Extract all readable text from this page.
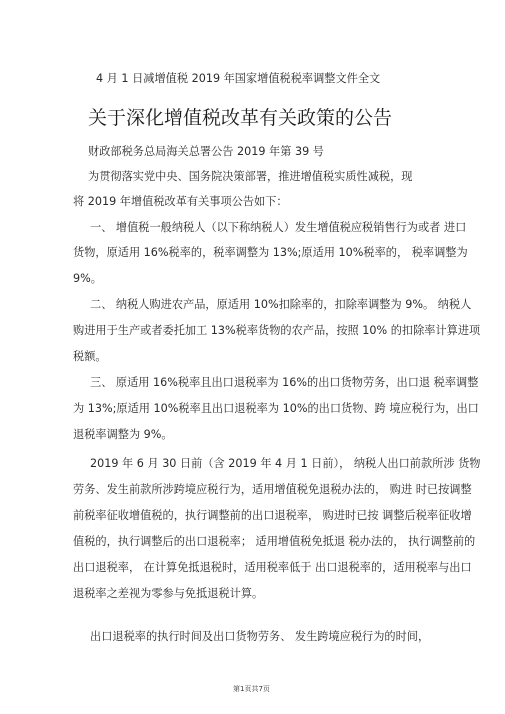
4 月 1 日减增值税 2019 年国家增值税税率调整文件全文
关于深化增值税改革有关政策的公告
财政部税务总局海关总署公告 2019 年第 39 号
为贯彻落实党中央、国务院决策部署，推进增值税实质性减税，现
将 2019 年增值税改革有关事项公告如下：
一、 增值税一般纳税人（以下称纳税人）发生增值税应税销售行为或者 进口
货物，原适用 16%税率的，税率调整为 13%;原适用 10%税率的， 税率调整为
9%。
二、 纳税人购进农产品，原适用 10%扣除率的，扣除率调整为 9%。 纳税人
购进用于生产或者委托加工 13%税率货物的农产品，按照 10% 的扣除率计算进项
税额。
三、 原适用 16%税率且出口退税率为 16%的出口货物劳务，出口退 税率调整
为 13%;原适用 10%税率且出口退税率为 10%的出口货物、跨 境应税行为，出口
退税率调整为 9%。
2019 年 6 月 30 日前（含 2019 年 4 月 1 日前）， 纳税人出口前款所涉 货物
劳务、发生前款所涉跨境应税行为，适用增值税免退税办法的， 购进 时已按调整
前税率征收增值税的，执行调整前的出口退税率， 购进时已按 调整后税率征收增
值税的，执行调整后的出口退税率； 适用增值税免抵退 税办法的， 执行调整前的
出口退税率， 在计算免抵退税时，适用税率低于 出口退税率的，适用税率与出口
退税率之差视为零参与免抵退税计算。
出口退税率的执行时间及出口货物劳务、 发生跨境应税行为的时间，
第1页共7页
